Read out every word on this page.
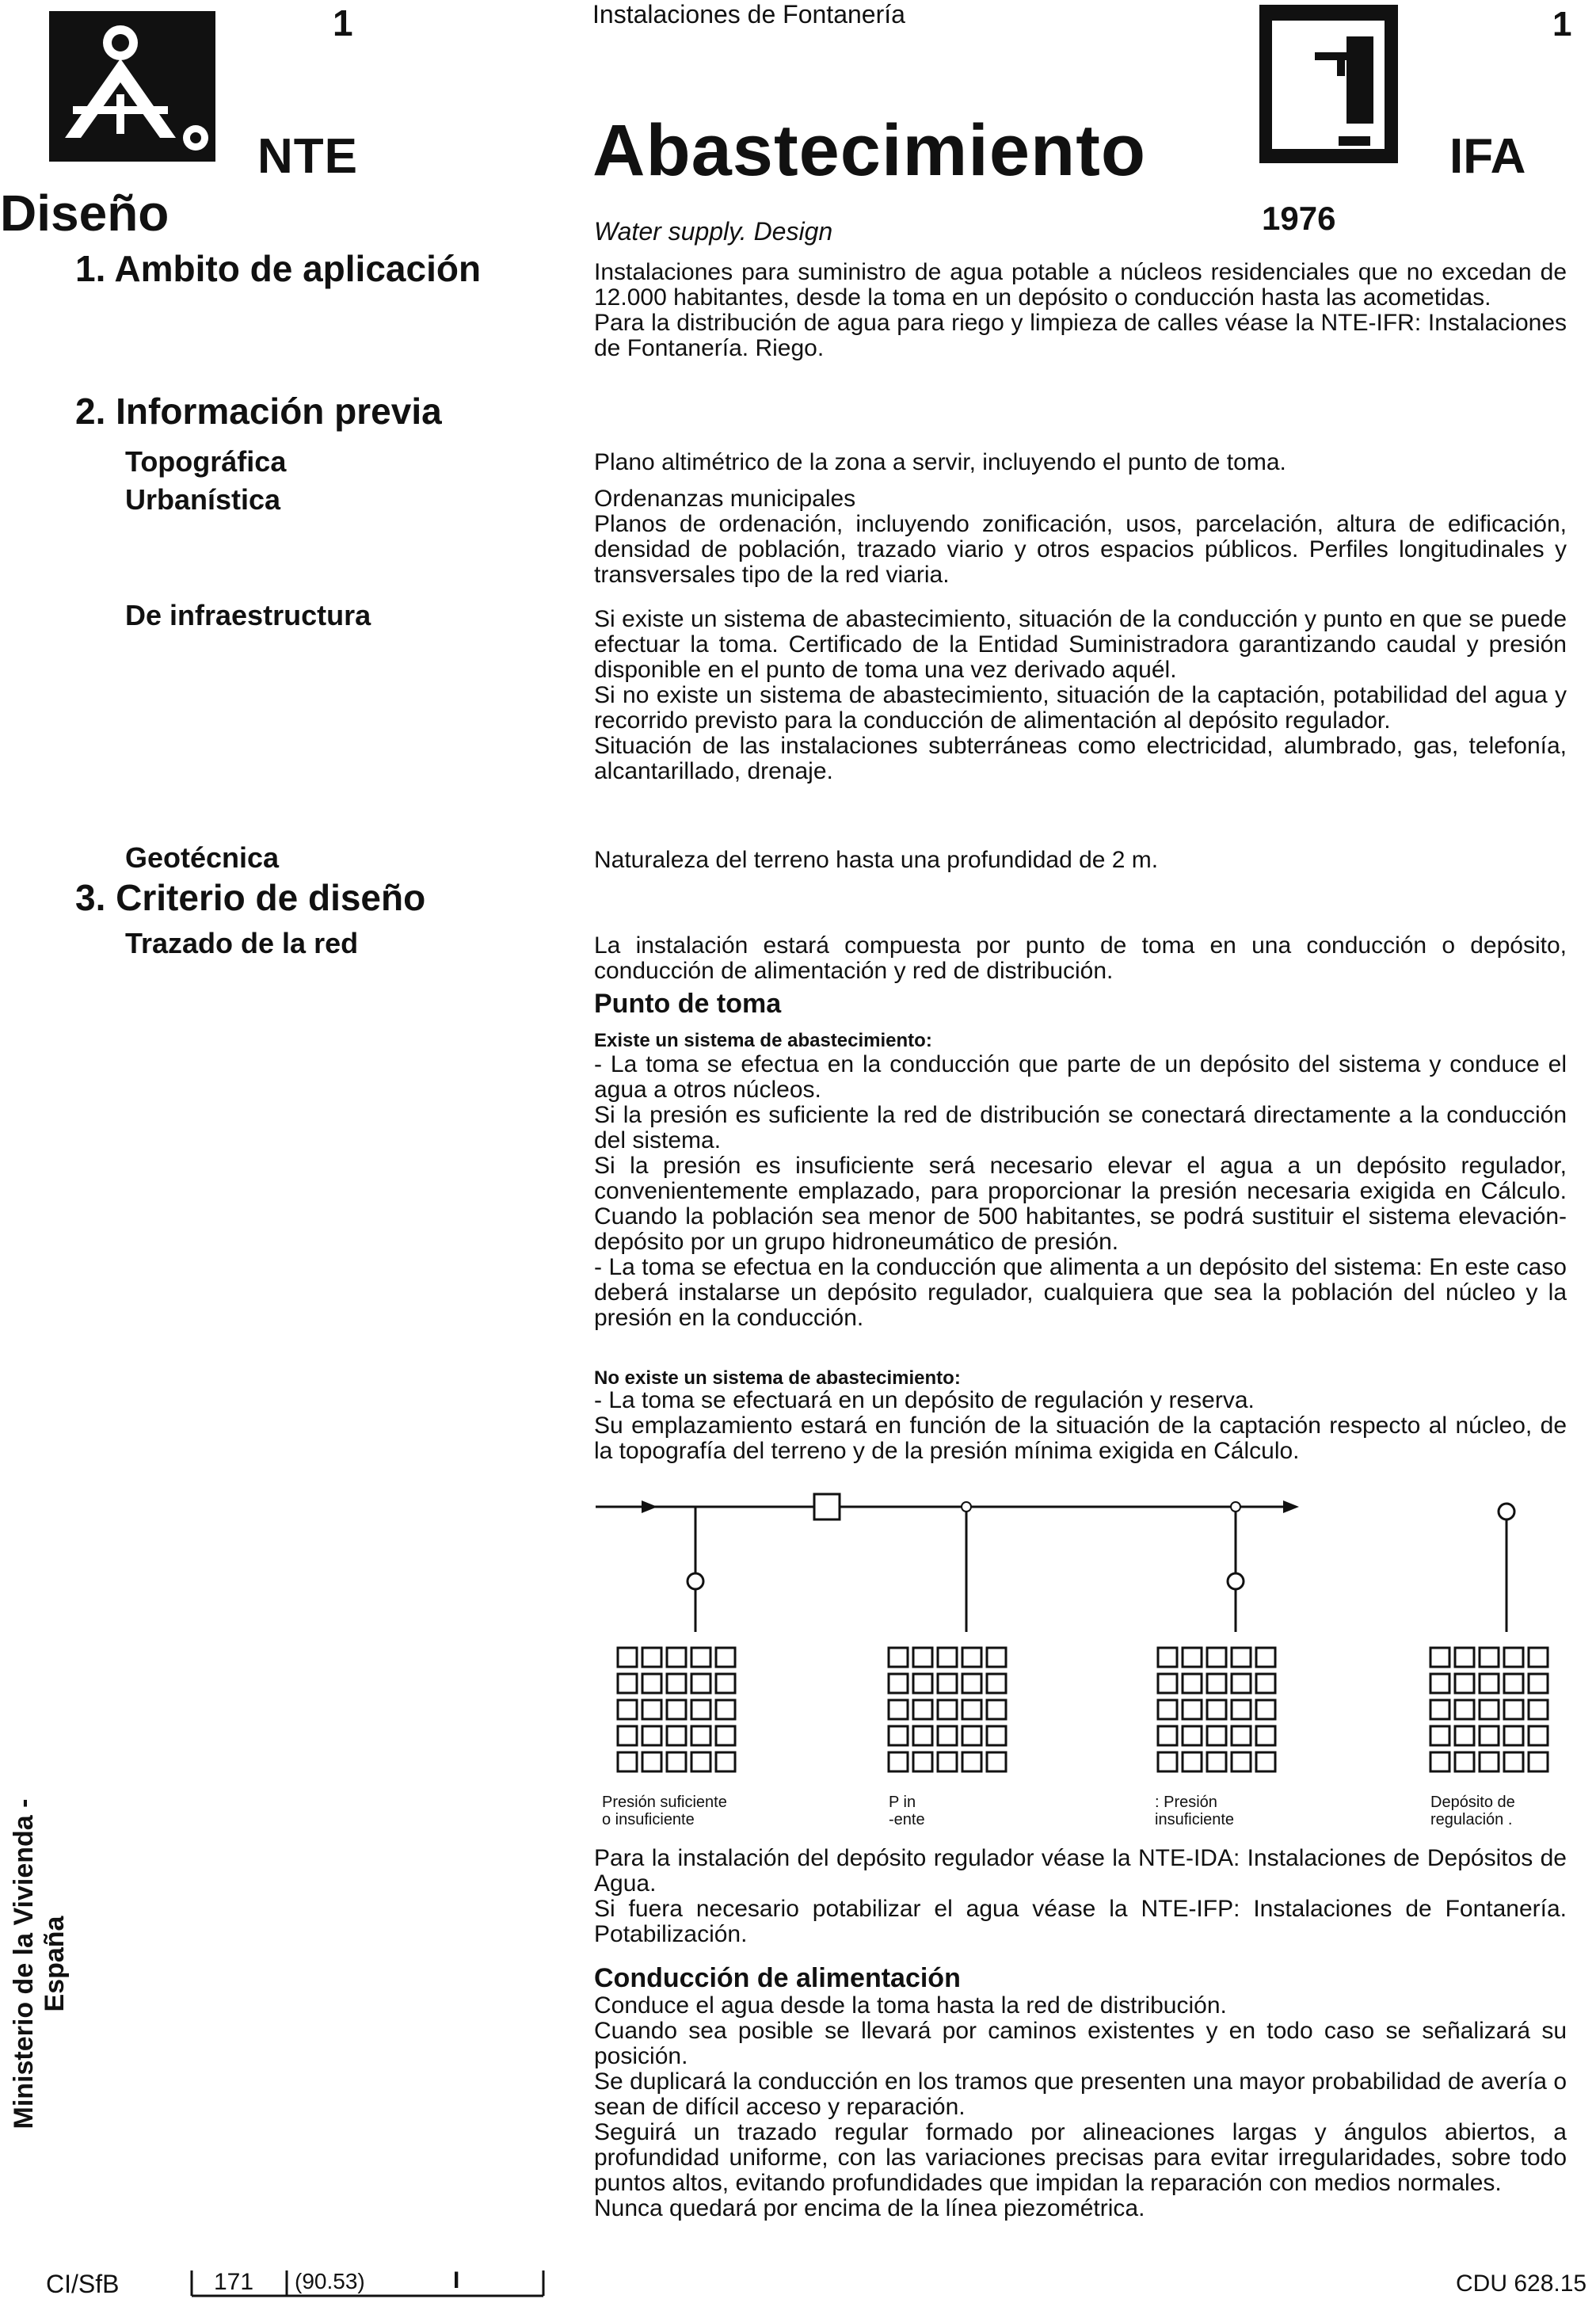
1
NTE
Diseño
1. Ambito de aplicación
2. Información previa
Topográfica
Urbanística
De infraestructura
Geotécnica
3. Criterio de diseño
Trazado de la red
Instalaciones de Fontanería
Abastecimiento
1
IFA
1976
Water supply. Design
Instalaciones para suministro de agua potable a núcleos residenciales que no excedan de 12.000 habitantes, desde la toma en un depósito o conducción hasta las acometidas.
Para la distribución de agua para riego y limpieza de calles véase la NTE-IFR: Instalaciones de Fontanería. Riego.
Plano altimétrico de la zona a servir, incluyendo el punto de toma.
Ordenanzas municipales
Planos de ordenación, incluyendo zonificación, usos, parcelación, altura de edificación, densidad de población, trazado viario y otros espacios públicos. Perfiles longitudinales y transversales tipo de la red viaria.
Si existe un sistema de abastecimiento, situación de la conducción y punto en que se puede efectuar la toma. Certificado de la Entidad Suministradora garantizando caudal y presión disponible en el punto de toma una vez derivado aquél.
Si no existe un sistema de abastecimiento, situación de la captación, potabilidad del agua y recorrido previsto para la conducción de alimentación al depósito regulador.
Situación de las instalaciones subterráneas como electricidad, alumbrado, gas, telefonía, alcantarillado, drenaje.
Naturaleza del terreno hasta una profundidad de 2 m.
La instalación estará compuesta por punto de toma en una conducción o depósito, conducción de alimentación y red de distribución.
Punto de toma
Existe un sistema de abastecimiento:
- La toma se efectua en la conducción que parte de un depósito del sistema y conduce el agua a otros núcleos.
Si la presión es suficiente la red de distribución se conectará directamente a la conducción del sistema.
Si la presión es insuficiente será necesario elevar el agua a un depósito regulador, convenientemente emplazado, para proporcionar la presión necesaria exigida en Cálculo. Cuando la población sea menor de 500 habitantes, se podrá sustituir el sistema elevación-depósito por un grupo hidroneumático de presión.
- La toma se efectua en la conducción que alimenta a un depósito del sistema: En este caso deberá instalarse un depósito regulador, cualquiera que sea la población del núcleo y la presión en la conducción.
No existe un sistema de abastecimiento:
- La toma se efectuará en un depósito de regulación y reserva.
Su emplazamiento estará en función de la situación de la captación respecto al núcleo, de la topografía del terreno y de la presión mínima exigida en Cálculo.
Presión suficiente
o insuficiente
P in
-ente
: Presión
insuficiente
Depósito de
regulación .
Para la instalación del depósito regulador véase la NTE-IDA: Instalaciones de Depósitos de Agua.
Si fuera necesario potabilizar el agua véase la NTE-IFP: Instalaciones de Fontanería. Potabilización.
Conducción de alimentación
Conduce el agua desde la toma hasta la red de distribución.
Cuando sea posible se llevará por caminos existentes y en todo caso se señalizará su posición.
Se duplicará la conducción en los tramos que presenten una mayor probabilidad de avería o sean de difícil acceso y reparación.
Seguirá un trazado regular formado por alineaciones largas y ángulos abiertos, a profundidad uniforme, con las variaciones precisas para evitar irregularidades, sobre todo puntos altos, evitando profundidades que impidan la reparación con medios normales.
Nunca quedará por encima de la línea piezométrica.
Ministerio de la Vivienda - España
CI/SfB	171 (90.53)	I	CDU 628.15
